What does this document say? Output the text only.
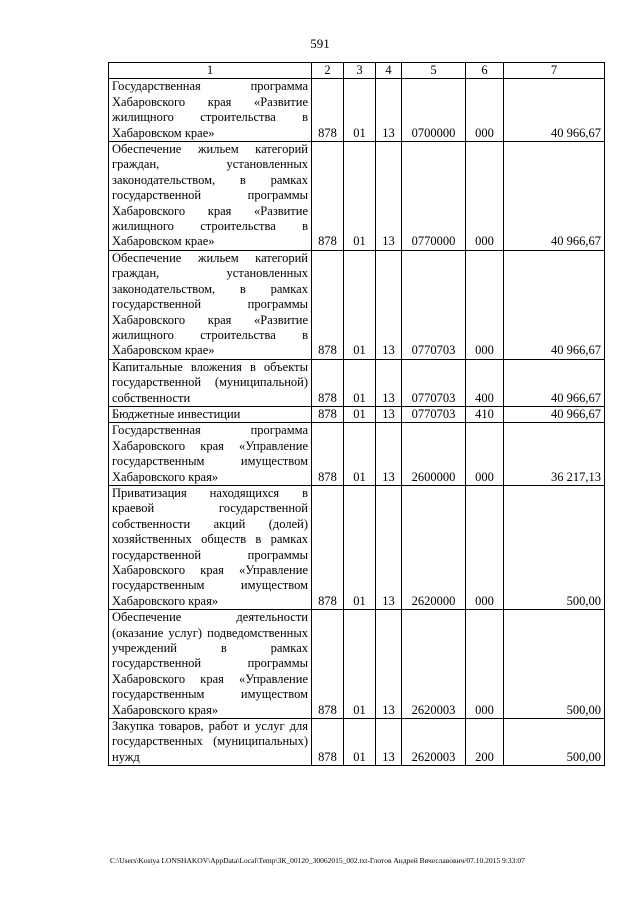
591
1	2	3	4	5	6	7
Государственная программа Хабаровского края «Развитие жилищного строительства в Хабаровском крае»	878	01	13	0700000	000	40 966,67
Обеспечение жильем категорий граждан, установленных законодательством, в рамках государственной программы Хабаровского края «Развитие жилищного строительства в Хабаровском крае»	878	01	13	0770000	000	40 966,67
Обеспечение жильем категорий граждан, установленных законодательством, в рамках государственной программы Хабаровского края «Развитие жилищного строительства в Хабаровском крае»	878	01	13	0770703	000	40 966,67
Капитальные вложения в объекты государственной (муниципальной) собственности	878	01	13	0770703	400	40 966,67
Бюджетные инвестиции	878	01	13	0770703	410	40 966,67
Государственная программа Хабаровского края «Управление государственным имуществом Хабаровского края»	878	01	13	2600000	000	36 217,13
Приватизация находящихся в краевой государственной собственности акций (долей) хозяйственных обществ в рамках государственной программы Хабаровского края «Управление государственным имуществом Хабаровского края»	878	01	13	2620000	000	500,00
Обеспечение деятельности (оказание услуг) подведомственных учреждений в рамках государственной программы Хабаровского края «Управление государственным имуществом Хабаровского края»	878	01	13	2620003	000	500,00
Закупка товаров, работ и услуг для государственных (муниципальных) нужд	878	01	13	2620003	200	500,00
C:\Users\Kostya LONSHAKOV\AppData\Local\Temp\ЗК_00120_30062015_002.txt-Глотов Андрей Вячеславович/07.10.2015 9:33:07
